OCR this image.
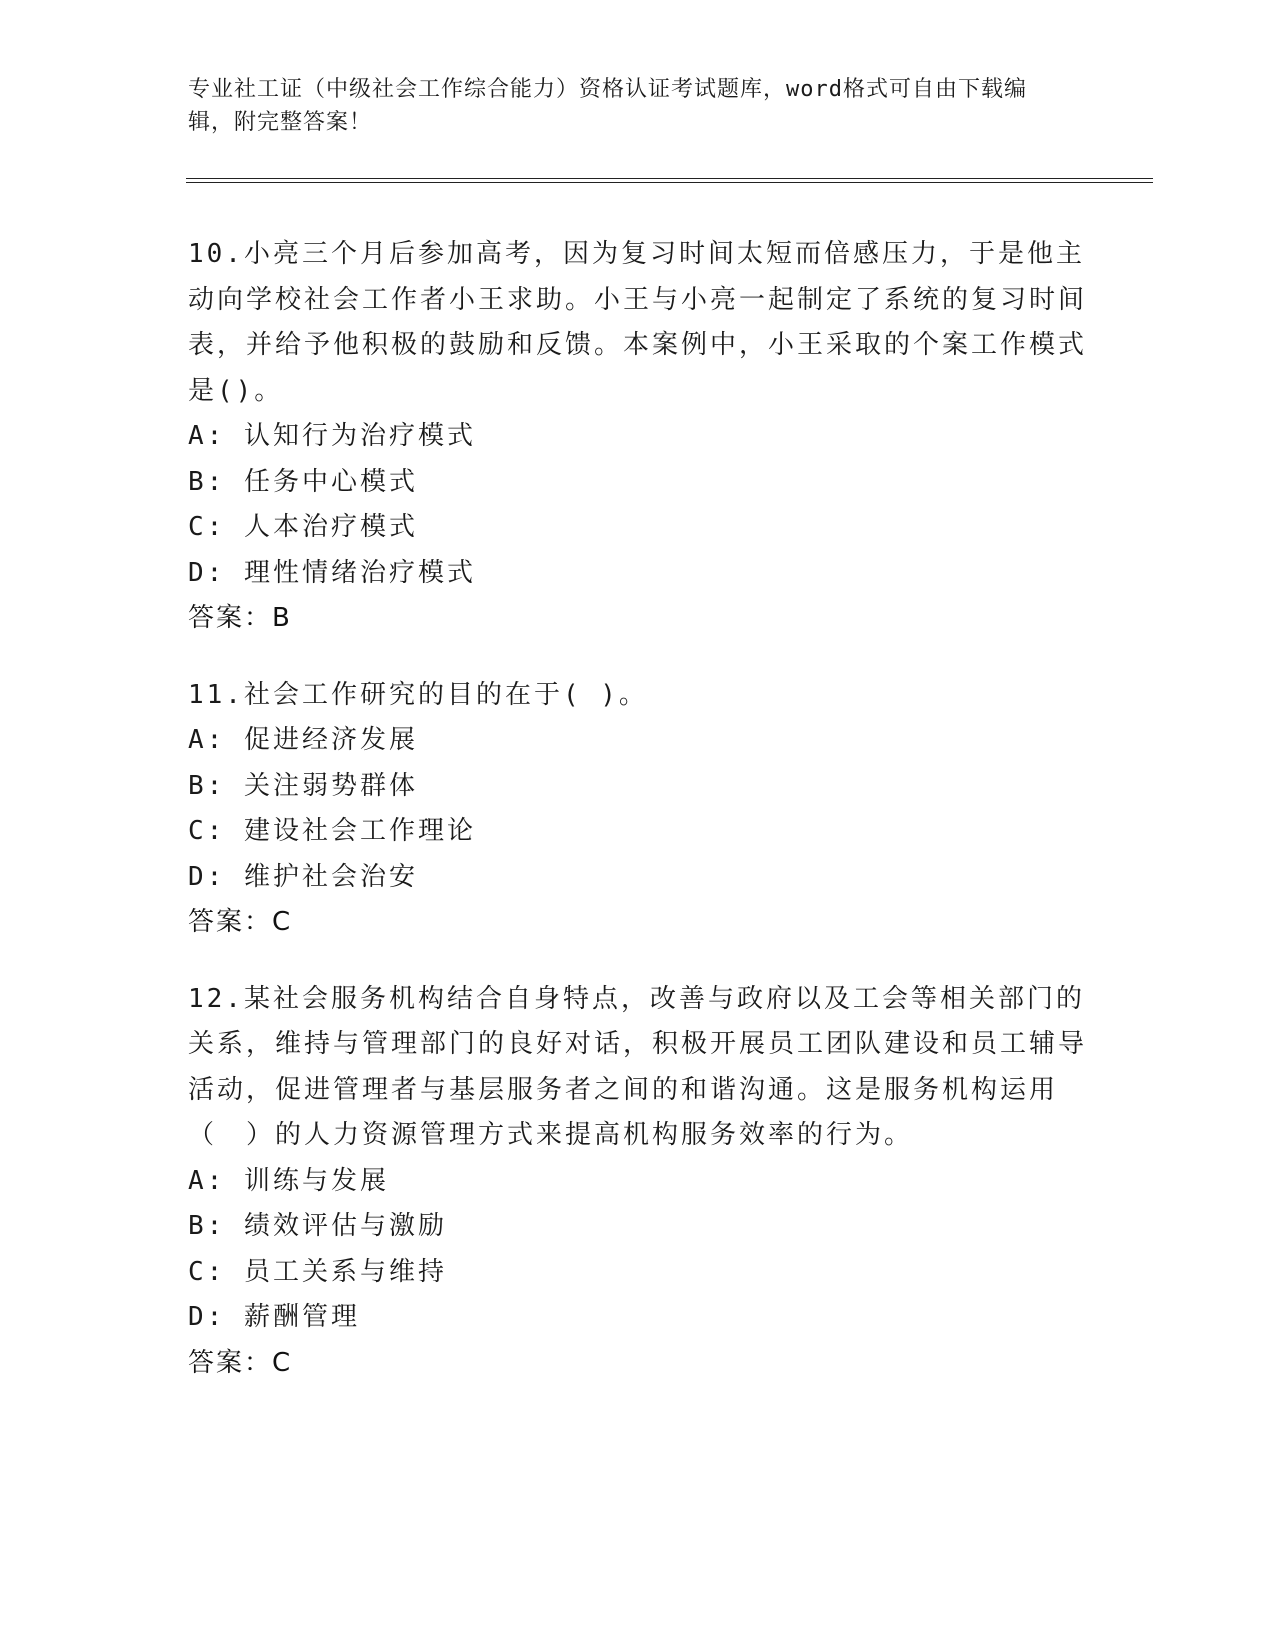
专业社工证（中级社会工作综合能力）资格认证考试题库，word格式可自由下载编辑，附完整答案！

10.小亮三个月后参加高考，因为复习时间太短而倍感压力，于是他主动向学校社会工作者小王求助。小王与小亮一起制定了系统的复习时间表，并给予他积极的鼓励和反馈。本案例中，小王采取的个案工作模式是()。

A: 认知行为治疗模式

B: 任务中心模式

C: 人本治疗模式

D: 理性情绪治疗模式

答案：B

11.社会工作研究的目的在于( )。

A: 促进经济发展

B: 关注弱势群体

C: 建设社会工作理论

D: 维护社会治安

答案：C

12.某社会服务机构结合自身特点，改善与政府以及工会等相关部门的关系，维持与管理部门的良好对话，积极开展员工团队建设和员工辅导活动，促进管理者与基层服务者之间的和谐沟通。这是服务机构运用（　）的人力资源管理方式来提高机构服务效率的行为。

A: 训练与发展

B: 绩效评估与激励

C: 员工关系与维持

D: 薪酬管理

答案：C
